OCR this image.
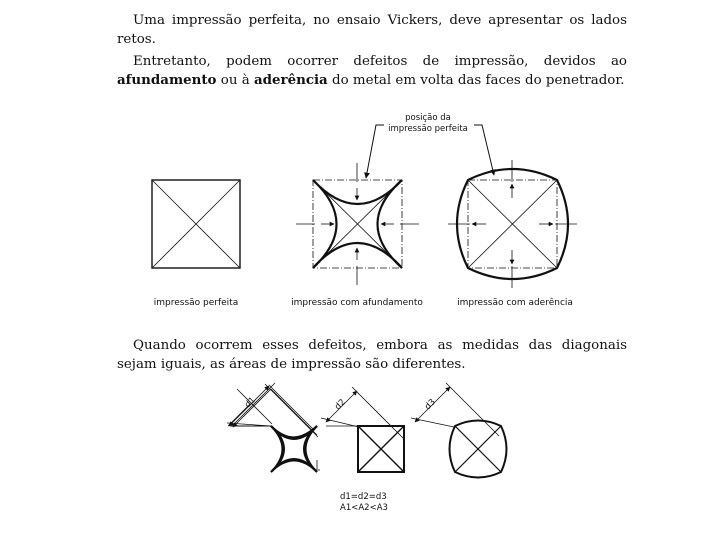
Uma impressão perfeita, no ensaio Vickers, deve apresentar os lados retos.

Entretanto, podem ocorrer defeitos de impressão, devidos ao afundamento ou à aderência do metal em volta das faces do penetrador.

Quando ocorrem esses defeitos, embora as medidas das diagonais sejam iguais, as áreas de impressão são diferentes.

posição da
impressão perfeita
impressão perfeita	impressão com afundamento	impressão com aderência
d1	d2	d3
d1=d2=d3
A1<A2<A3
